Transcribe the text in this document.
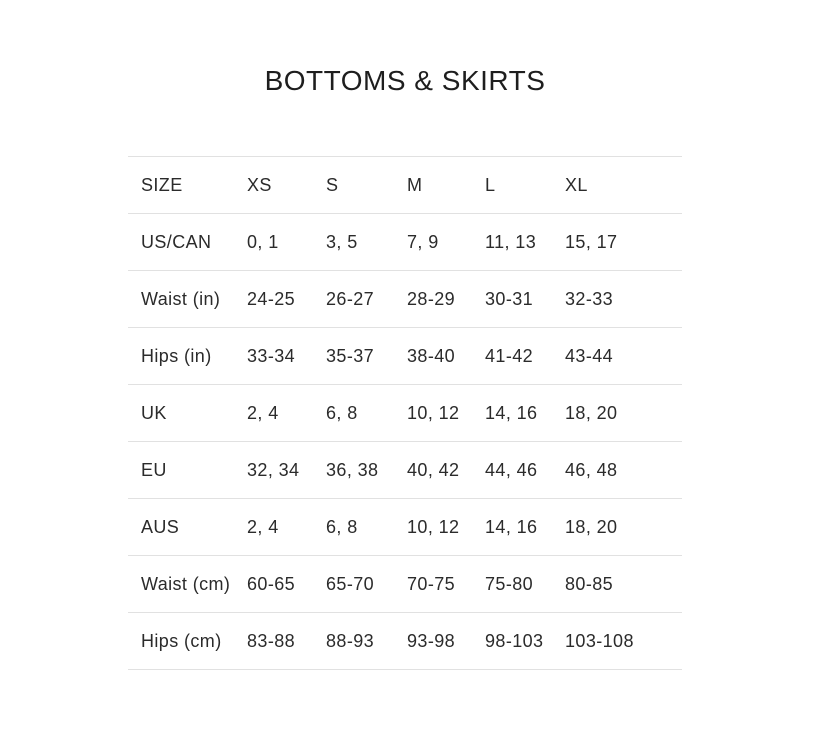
BOTTOMS & SKIRTS
SIZE	XS	S	M	L	XL
US/CAN	0, 1	3, 5	7, 9	11, 13	15, 17
Waist (in)	24-25	26-27	28-29	30-31	32-33
Hips (in)	33-34	35-37	38-40	41-42	43-44
UK	2, 4	6, 8	10, 12	14, 16	18, 20
EU	32, 34	36, 38	40, 42	44, 46	46, 48
AUS	2, 4	6, 8	10, 12	14, 16	18, 20
Waist (cm)	60-65	65-70	70-75	75-80	80-85
Hips (cm)	83-88	88-93	93-98	98-103	103-108
